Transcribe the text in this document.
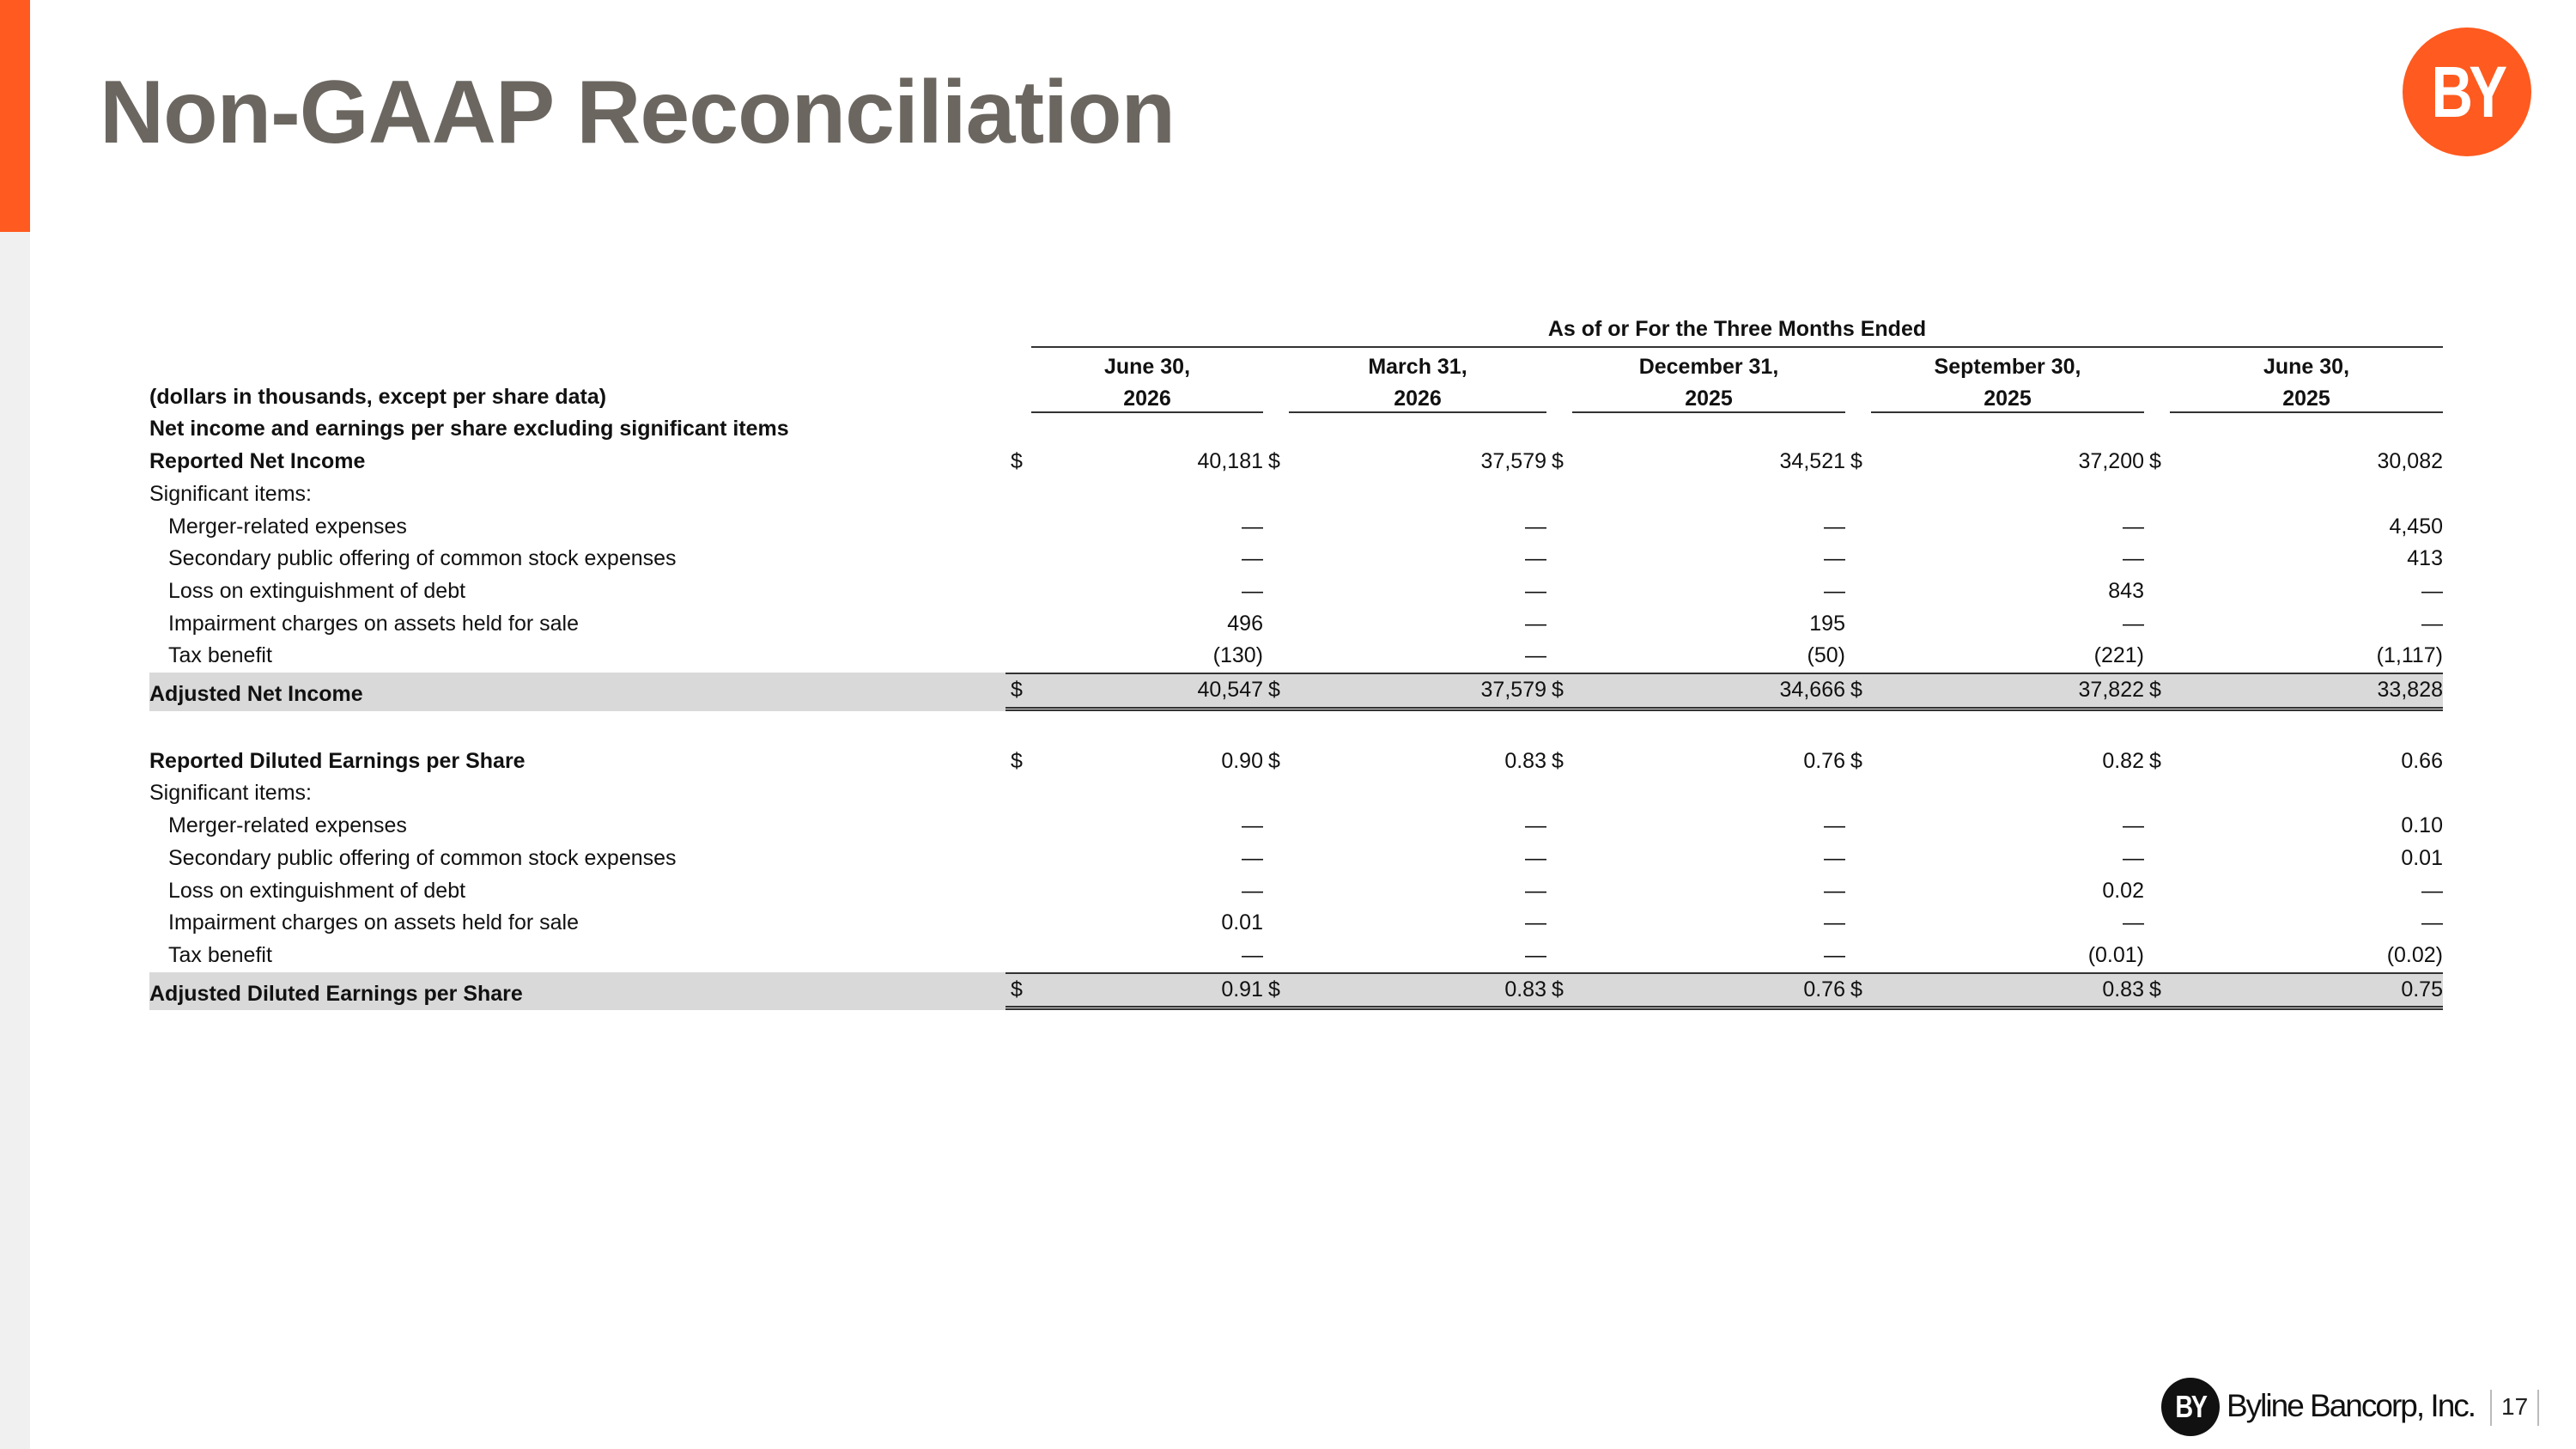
Non-GAAP Reconciliation	BY
		As of or For the Three Months Ended								
		June 30,		March 31,		December 31,		September 30,		June 30,
(dollars in thousands, except per share data)		2026		2026		2025		2025		2025
Net income and earnings per share excluding significant items										
Reported Net Income	$	40,181	$	37,579	$	34,521	$	37,200	$	30,082
Significant items:										
Merger-related expenses		—		—		—		—		4,450
Secondary public offering of common stock expenses		—		—		—		—		413
Loss on extinguishment of debt		—		—		—		843		—
Impairment charges on assets held for sale		496		—		195		—		—
Tax benefit		(130)		—		(50)		(221)		(1,117)
Adjusted Net Income	$	40,547	$	37,579	$	34,666	$	37,822	$	33,828

Reported Diluted Earnings per Share	$	0.90	$	0.83	$	0.76	$	0.82	$	0.66
Significant items:										
Merger-related expenses		—		—		—		—		0.10
Secondary public offering of common stock expenses		—		—		—		—		0.01
Loss on extinguishment of debt		—		—		—		0.02		—
Impairment charges on assets held for sale		0.01		—		—		—		—
Tax benefit		—		—		—		(0.01)		(0.02)
Adjusted Diluted Earnings per Share	$	0.91	$	0.83	$	0.76	$	0.83	$	0.75
BY Byline Bancorp, Inc. 17
